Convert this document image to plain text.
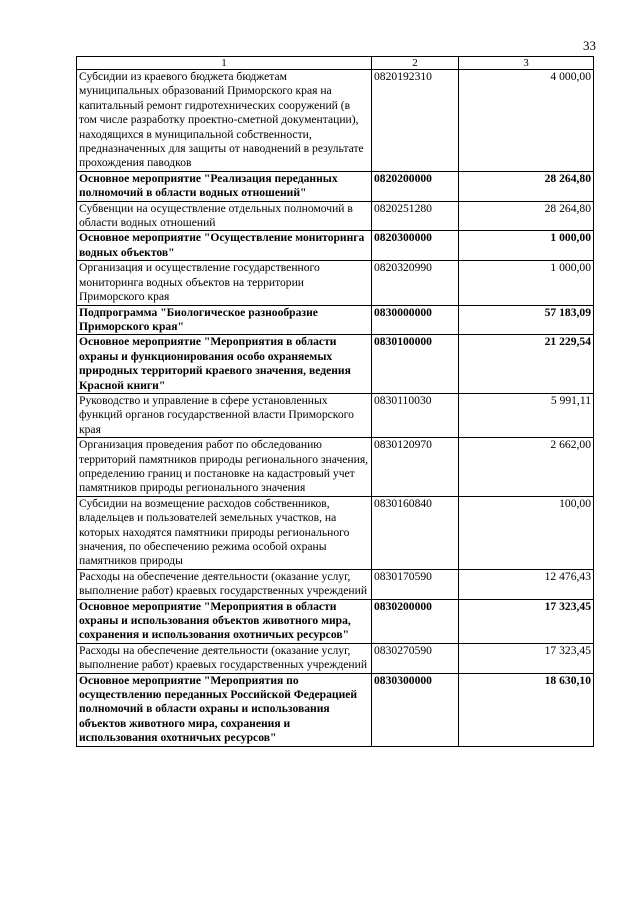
33
1	2	3
Субсидии из краевого бюджета бюджетам муниципальных образований Приморского края на капитальный ремонт гидротехнических сооружений (в том числе разработку проектно-сметной документации), находящихся в муниципальной собственности, предназначенных для защиты от наводнений в результате прохождения паводков	0820192310	4 000,00
Основное мероприятие "Реализация переданных полномочий в области водных отношений"	0820200000	28 264,80
Субвенции на осуществление отдельных полномочий в области водных отношений	0820251280	28 264,80
Основное мероприятие "Осуществление мониторинга водных объектов"	0820300000	1 000,00
Организация и осуществление государственного мониторинга водных объектов на территории Приморского края	0820320990	1 000,00
Подпрограмма "Биологическое разнообразие Приморского края"	0830000000	57 183,09
Основное мероприятие "Мероприятия в области охраны и функционирования особо охраняемых природных территорий краевого значения, ведения Красной книги"	0830100000	21 229,54
Руководство и управление в сфере установленных функций органов государственной власти Приморского края	0830110030	5 991,11
Организация проведения работ по обследованию территорий памятников природы регионального значения, определению границ и постановке на кадастровый учет памятников природы регионального значения	0830120970	2 662,00
Субсидии на возмещение расходов собственников, владельцев и пользователей земельных участков, на которых находятся памятники природы регионального значения, по обеспечению режима особой охраны памятников природы	0830160840	100,00
Расходы на обеспечение деятельности (оказание услуг, выполнение работ) краевых государственных учреждений	0830170590	12 476,43
Основное мероприятие "Мероприятия в области охраны и использования объектов животного мира, сохранения и использования охотничьих ресурсов"	0830200000	17 323,45
Расходы на обеспечение деятельности (оказание услуг, выполнение работ) краевых государственных учреждений	0830270590	17 323,45
Основное мероприятие "Мероприятия по осуществлению переданных Российской Федерацией полномочий в области охраны и использования объектов животного мира, сохранения и использования охотничьих ресурсов"	0830300000	18 630,10
